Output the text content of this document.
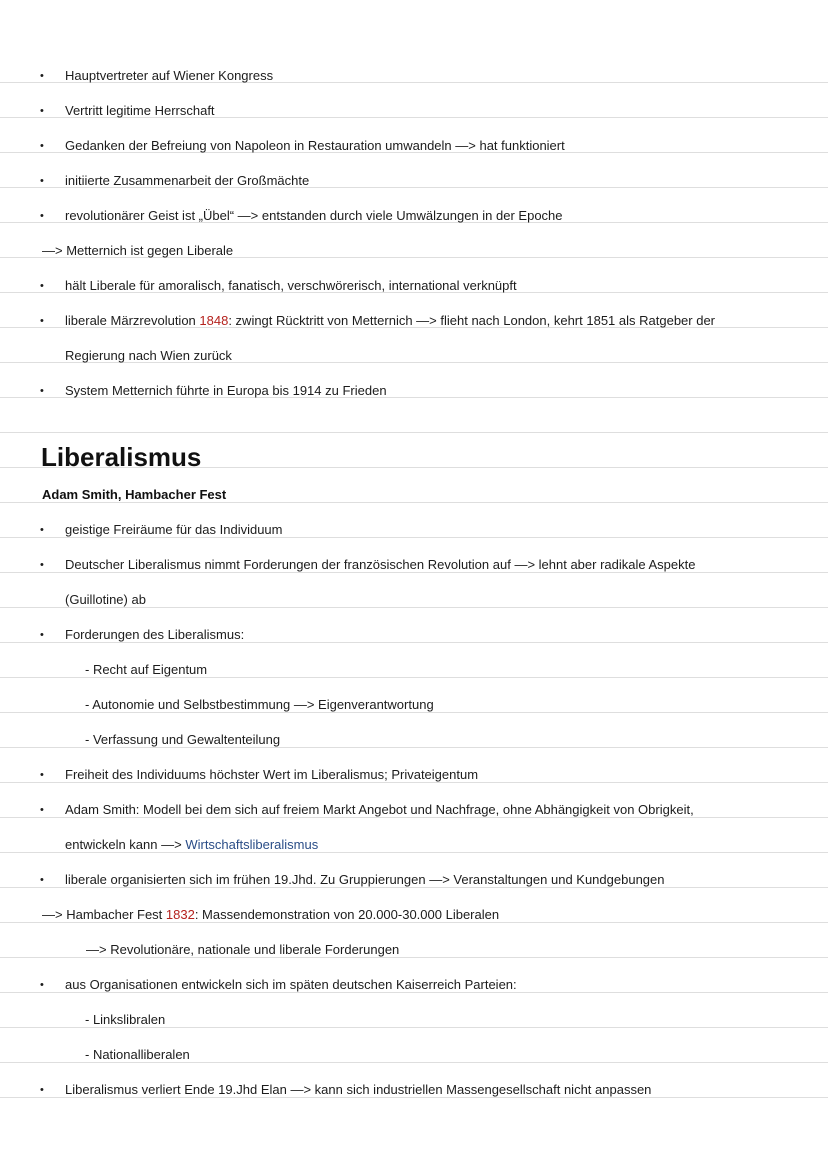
• Hauptvertreter auf Wiener Kongress
• Vertritt legitime Herrschaft
• Gedanken der Befreiung von Napoleon in Restauration umwandeln —> hat funktioniert
• initiierte Zusammenarbeit der Großmächte
• revolutionärer Geist ist „Übel“ —> entstanden durch viele Umwälzungen in der Epoche
—> Metternich ist gegen Liberale
• hält Liberale für amoralisch, fanatisch, verschwörerisch, international verknüpft
• liberale Märzrevolution 1848: zwingt Rücktritt von Metternich —> flieht nach London, kehrt 1851 als Ratgeber der
Regierung nach Wien zurück
• System Metternich führte in Europa bis 1914 zu Frieden
Liberalismus
Adam Smith, Hambacher Fest
• geistige Freiräume für das Individuum
• Deutscher Liberalismus nimmt Forderungen der französischen Revolution auf —> lehnt aber radikale Aspekte
(Guillotine) ab
• Forderungen des Liberalismus:
- Recht auf Eigentum
- Autonomie und Selbstbestimmung —> Eigenverantwortung
- Verfassung und Gewaltenteilung
• Freiheit des Individuums höchster Wert im Liberalismus; Privateigentum
• Adam Smith: Modell bei dem sich auf freiem Markt Angebot und Nachfrage, ohne Abhängigkeit von Obrigkeit,
entwickeln kann —> Wirtschaftsliberalismus
• liberale organisierten sich im frühen 19.Jhd. Zu Gruppierungen —> Veranstaltungen und Kundgebungen
—> Hambacher Fest 1832: Massendemonstration von 20.000-30.000 Liberalen
—> Revolutionäre, nationale und liberale Forderungen
• aus Organisationen entwickeln sich im späten deutschen Kaiserreich Parteien:
- Linkslibralen
- Nationalliberalen
• Liberalismus verliert Ende 19.Jhd Elan —> kann sich industriellen Massengesellschaft nicht anpassen
